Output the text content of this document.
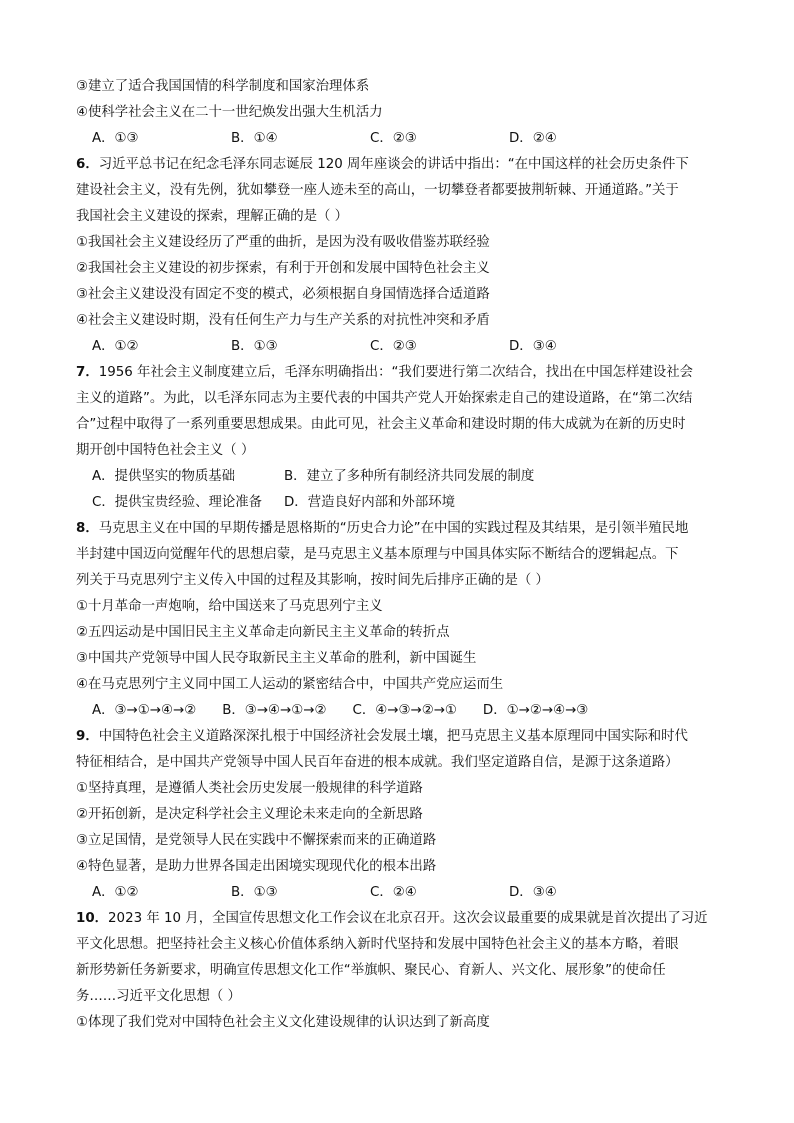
③建立了适合我国国情的科学制度和国家治理体系
④使科学社会主义在二十一世纪焕发出强大生机活力
A．①③	B．①④	C．②③	D．②④
6．习近平总书记在纪念毛泽东同志诞辰 120 周年座谈会的讲话中指出：“在中国这样的社会历史条件下
建设社会主义，没有先例，犹如攀登一座人迹未至的高山，一切攀登者都要披荆斩棘、开通道路。”关于
我国社会主义建设的探索，理解正确的是（ ）
①我国社会主义建设经历了严重的曲折，是因为没有吸收借鉴苏联经验
②我国社会主义建设的初步探索，有利于开创和发展中国特色社会主义
③社会主义建设没有固定不变的模式，必须根据自身国情选择合适道路
④社会主义建设时期，没有任何生产力与生产关系的对抗性冲突和矛盾
A．①②	B．①③	C．②③	D．③④
7．1956 年社会主义制度建立后，毛泽东明确指出：“我们要进行第二次结合，找出在中国怎样建设社会
主义的道路”。为此，以毛泽东同志为主要代表的中国共产党人开始探索走自己的建设道路，在“第二次结
合”过程中取得了一系列重要思想成果。由此可见，社会主义革命和建设时期的伟大成就为在新的历史时
期开创中国特色社会主义（ ）
A．提供坚实的物质基础	B．建立了多种所有制经济共同发展的制度
C．提供宝贵经验、理论准备	D．营造良好内部和外部环境
8．马克思主义在中国的早期传播是恩格斯的“历史合力论”在中国的实践过程及其结果，是引领半殖民地
半封建中国迈向觉醒年代的思想启蒙，是马克思主义基本原理与中国具体实际不断结合的逻辑起点。下
列关于马克思列宁主义传入中国的过程及其影响，按时间先后排序正确的是（ ）
①十月革命一声炮响，给中国送来了马克思列宁主义
②五四运动是中国旧民主主义革命走向新民主主义革命的转折点
③中国共产党领导中国人民夺取新民主主义革命的胜利，新中国诞生
④在马克思列宁主义同中国工人运动的紧密结合中，中国共产党应运而生
A．③→①→④→② B．③→④→①→② C．④→③→②→① D．①→②→④→③
9．中国特色社会主义道路深深扎根于中国经济社会发展土壤，把马克思主义基本原理同中国实际和时代
特征相结合，是中国共产党领导中国人民百年奋进的根本成就。我们坚定道路自信，是源于这条道路）
①坚持真理，是遵循人类社会历史发展一般规律的科学道路
②开拓创新，是决定科学社会主义理论未来走向的全新思路
③立足国情，是党领导人民在实践中不懈探索而来的正确道路
④特色显著，是助力世界各国走出困境实现现代化的根本出路
A．①②	B．①③	C．②④	D．③④
10．2023 年 10 月，全国宣传思想文化工作会议在北京召开。这次会议最重要的成果就是首次提出了习近
平文化思想。把坚持社会主义核心价值体系纳入新时代坚持和发展中国特色社会主义的基本方略，着眼
新形势新任务新要求，明确宣传思想文化工作“举旗帜、聚民心、育新人、兴文化、展形象”的使命任
务……习近平文化思想（ ）
①体现了我们党对中国特色社会主义文化建设规律的认识达到了新高度
